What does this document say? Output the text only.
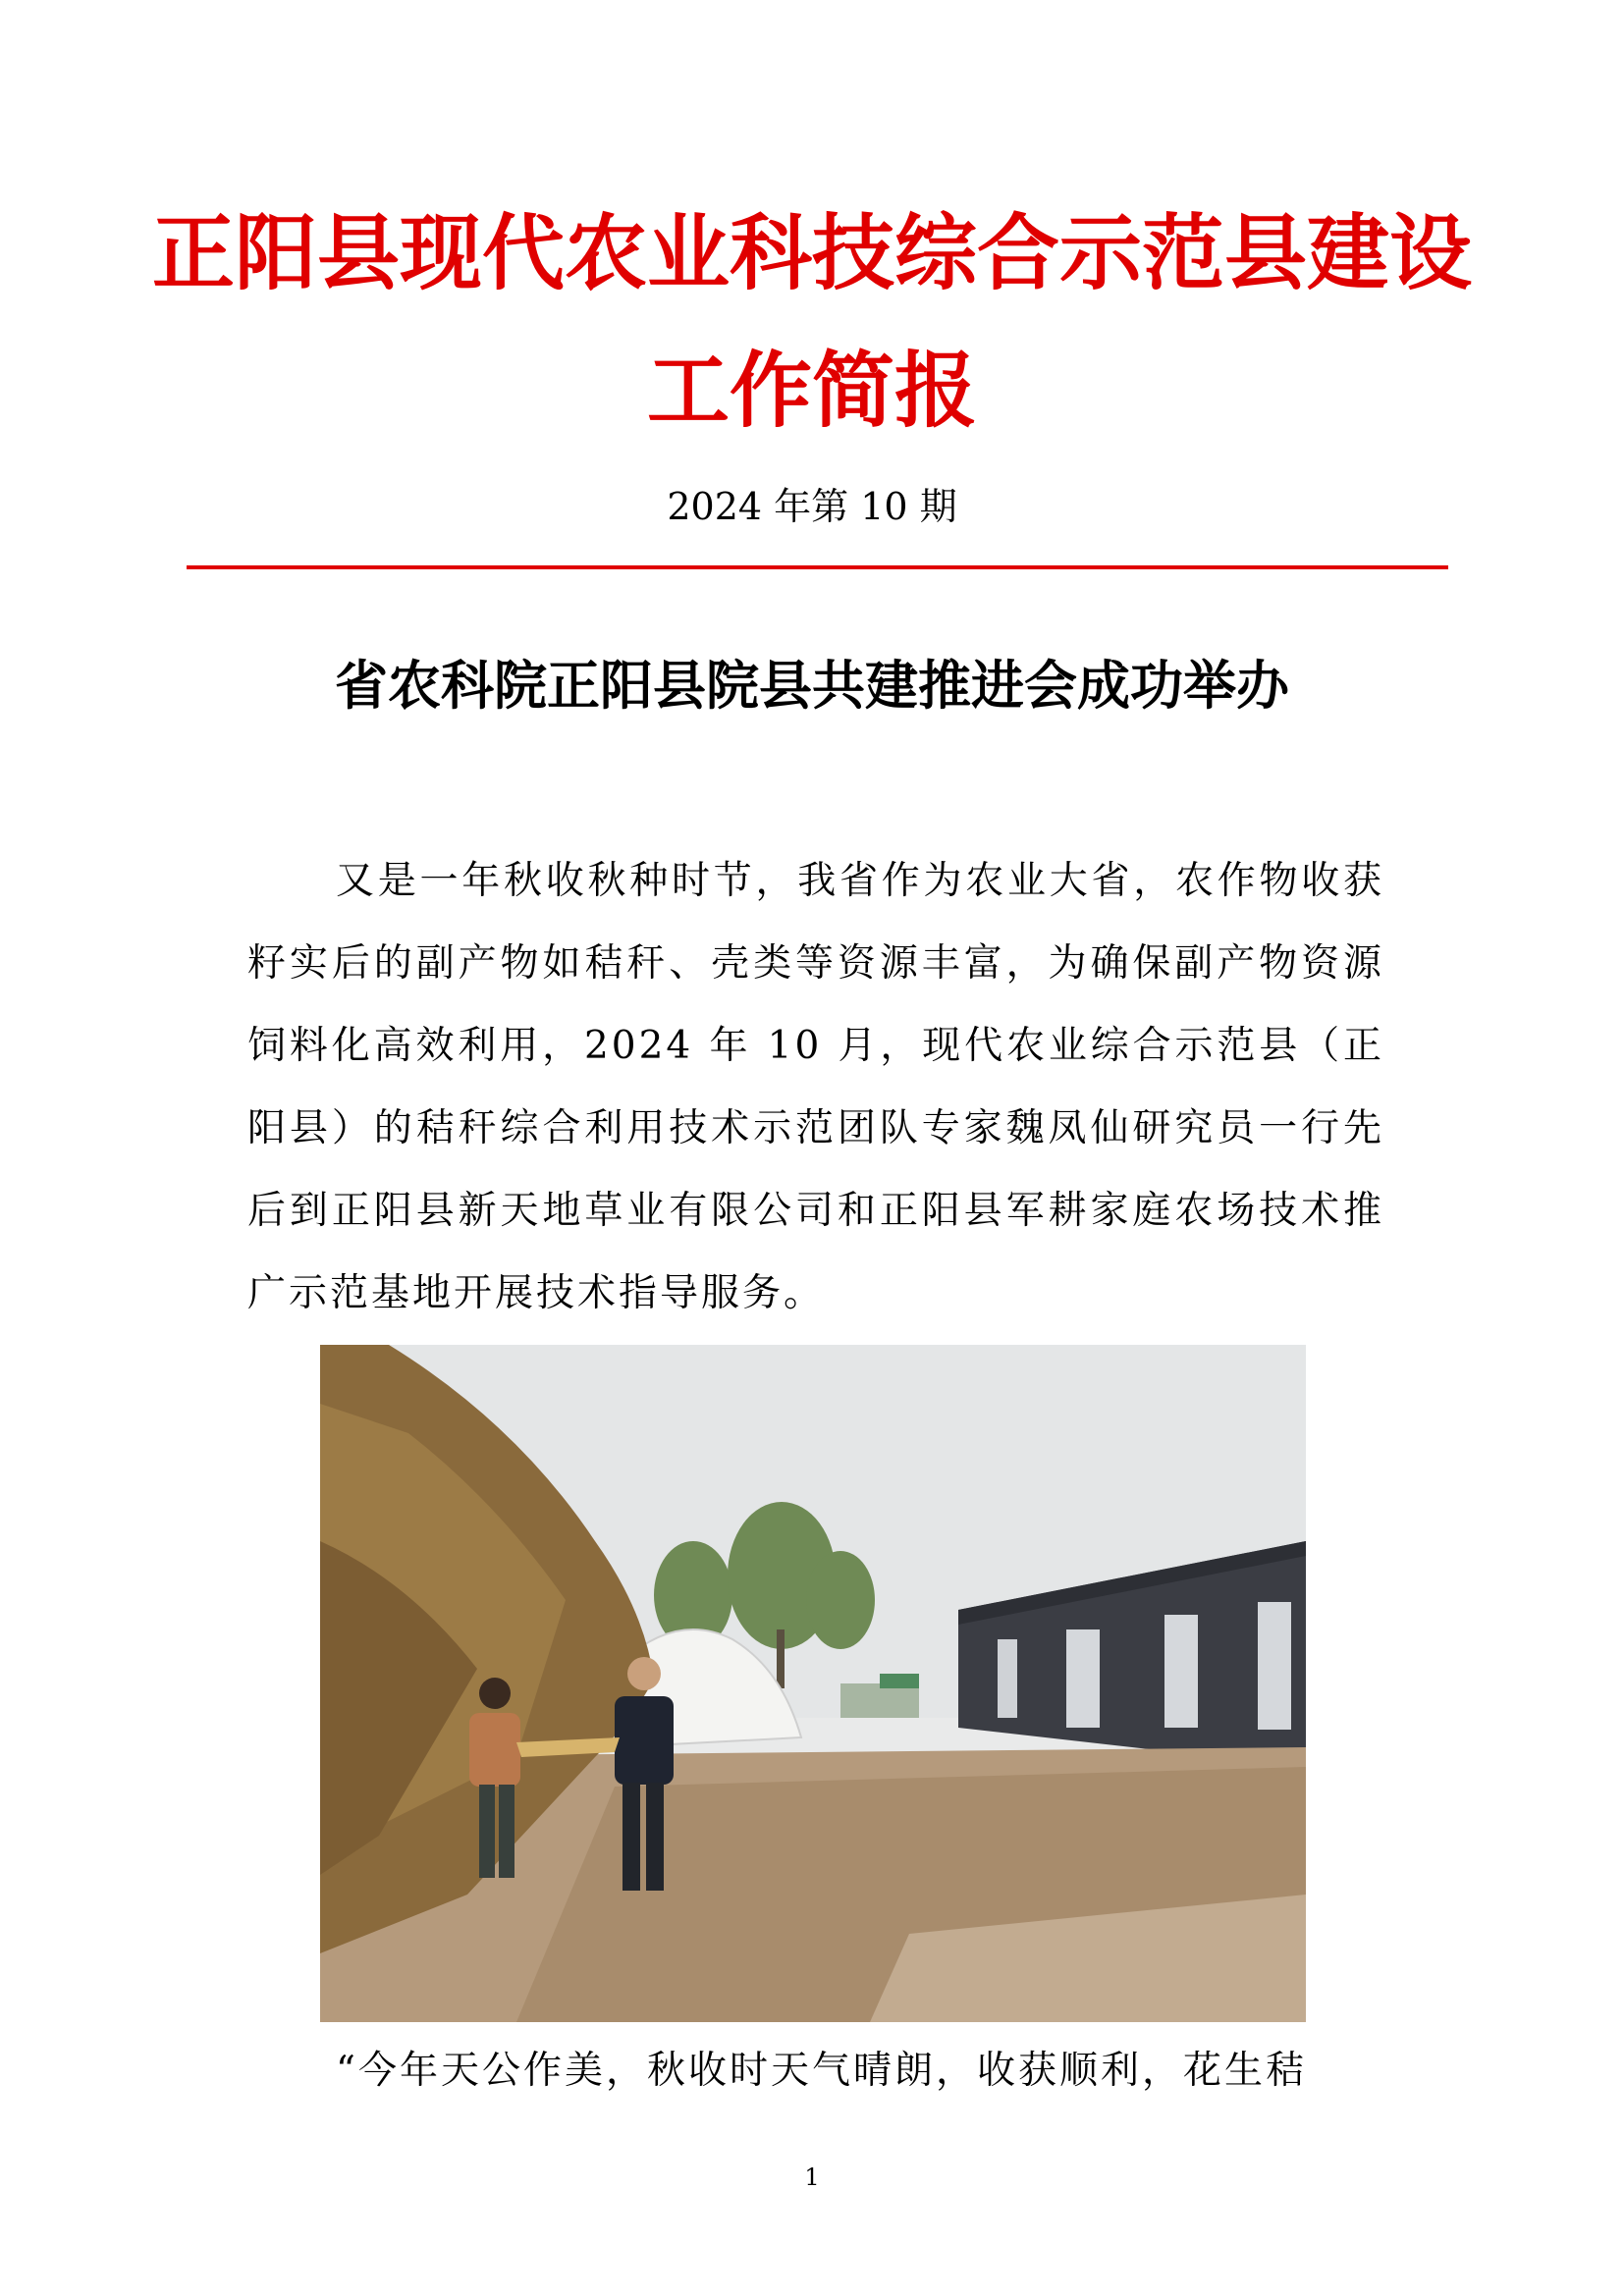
正阳县现代农业科技综合示范县建设
工作简报
2024 年第 10 期
省农科院正阳县院县共建推进会成功举办

又是一年秋收秋种时节，我省作为农业大省，农作物收获籽实后的副产物如秸秆、壳类等资源丰富，为确保副产物资源饲料化高效利用，2024 年 10 月，现代农业综合示范县（正阳县）的秸秆综合利用技术示范团队专家魏凤仙研究员一行先后到正阳县新天地草业有限公司和正阳县军耕家庭农场技术推广示范基地开展技术指导服务。

“今年天公作美，秋收时天气晴朗，收获顺利，花生秸

1
